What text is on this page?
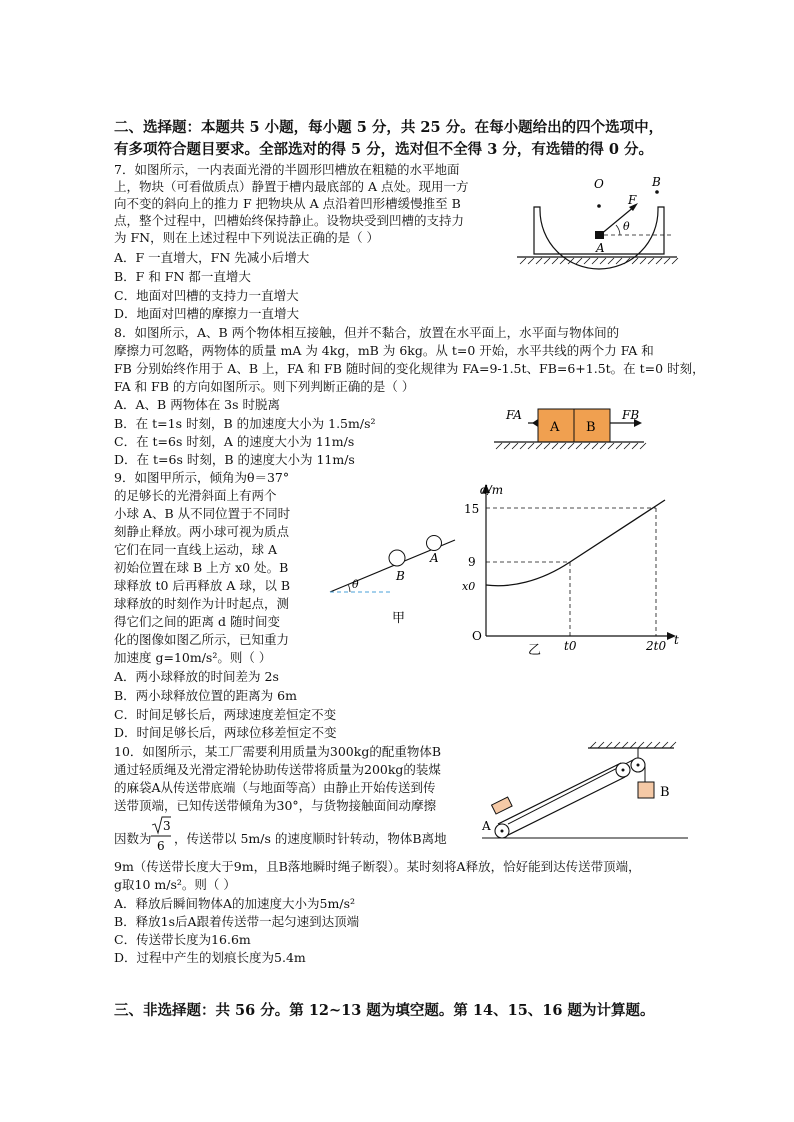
二、选择题：本题共 5 小题，每小题 5 分，共 25 分。在每小题给出的四个选项中，
有多项符合题目要求。全部选对的得 5 分，选对但不全得 3 分，有选错的得 0 分。
7．如图所示，一内表面光滑的半圆形凹槽放在粗糙的水平地面
上，物块（可看做质点）静置于槽内最底部的 A 点处。现用一方
向不变的斜向上的推力 F 把物块从 A 点沿着凹形槽缓慢推至 B
点，整个过程中，凹槽始终保持静止。设物块受到凹槽的支持力
为 FN，则在上述过程中下列说法正确的是（ ）
A．F 一直增大，FN 先减小后增大
B．F 和 FN 都一直增大
C．地面对凹槽的支持力一直增大
D．地面对凹槽的摩擦力一直增大
O	B
F
θ
A
8．如图所示，A、B 两个物体相互接触，但并不黏合，放置在水平面上，水平面与物体间的
摩擦力可忽略，两物体的质量 mA 为 4kg，mB 为 6kg。从 t=0 开始，水平共线的两个力 FA 和
FB 分别始终作用于 A、B 上，FA 和 FB 随时间的变化规律为 FA=9-1.5t、FB=6+1.5t。在 t=0 时刻，
FA 和 FB 的方向如图所示。则下列判断正确的是（ ）
A．A、B 两物体在 3s 时脱离
B．在 t=1s 时刻，B 的加速度大小为 1.5m/s²
C．在 t=6s 时刻，A 的速度大小为 11m/s
D．在 t=6s 时刻，B 的速度大小为 11m/s
FA	FB
A B
9．如图甲所示，倾角为θ＝37°
的足够长的光滑斜面上有两个
小球 A、B 从不同位置于不同时
刻静止释放。两小球可视为质点
它们在同一直线上运动，球 A
初始位置在球 B 上方 x0 处。B
球释放 t0 后再释放 A 球，以 B
球释放的时刻作为计时起点，测
得它们之间的距离 d 随时间变
化的图像如图乙所示，已知重力
加速度 g=10m/s²。则（ ）
A．两小球释放的时间差为 2s
B．两小球释放位置的距离为 6m
C．时间足够长后，两球速度差恒定不变
D．时间足够长后，两球位移差恒定不变
θ
B
A
甲
d/m
15
9
x0
O
t0	2t0 t
乙
10．如图所示，某工厂需要利用质量为300kg的配重物体B
通过轻质绳及光滑定滑轮协助传送带将质量为200kg的装煤
的麻袋A从传送带底端（与地面等高）由静止开始传送到传
送带顶端，已知传送带倾角为30°，与货物接触面间动摩擦
因数为
3
6 ，传送带以 5m/s 的速度顺时针转动，物体B离地
9m（传送带长度大于9m，且B落地瞬时绳子断裂）。某时刻将A释放，恰好能到达传送带顶端，
g取10 m/s²。则（ ）
A．释放后瞬间物体A的加速度大小为5m/s²
B．释放1s后A跟着传送带一起匀速到达顶端
C．传送带长度为16.6m
D．过程中产生的划痕长度为5.4m
A
B
三、非选择题：共 56 分。第 12~13 题为填空题。第 14、15、16 题为计算题。
